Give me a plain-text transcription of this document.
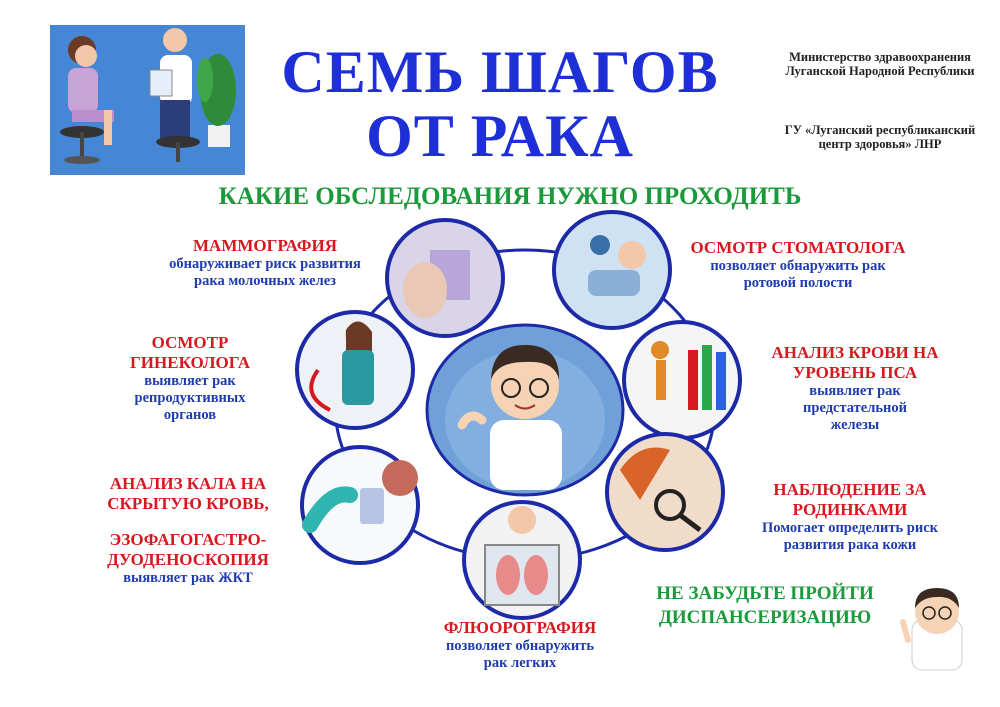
СЕМЬ ШАГОВ
ОТ РАКА
Министерство здравоохранения Луганской Народной Республики
ГУ «Луганский республиканский центр здоровья» ЛНР
КАКИЕ ОБСЛЕДОВАНИЯ НУЖНО ПРОХОДИТЬ
МАММОГРАФИЯ
обнаруживает риск развития рака молочных желез
ОСМОТР ГИНЕКОЛОГА
выявляет рак репродуктивных органов
АНАЛИЗ КАЛА НА СКРЫТУЮ КРОВЬ,
ЭЗОФАГОГАСТРО-ДУОДЕНОСКОПИЯ
выявляет рак ЖКТ
ФЛЮОРОГРАФИЯ
позволяет обнаружить рак легких
ОСМОТР СТОМАТОЛОГА
позволяет обнаружить рак ротовой полости
АНАЛИЗ КРОВИ НА УРОВЕНЬ ПСА
выявляет рак предстательной железы
НАБЛЮДЕНИЕ ЗА РОДИНКАМИ
Помогает определить риск развития рака кожи
НЕ ЗАБУДЬТЕ ПРОЙТИ ДИСПАНСЕРИЗАЦИЮ
